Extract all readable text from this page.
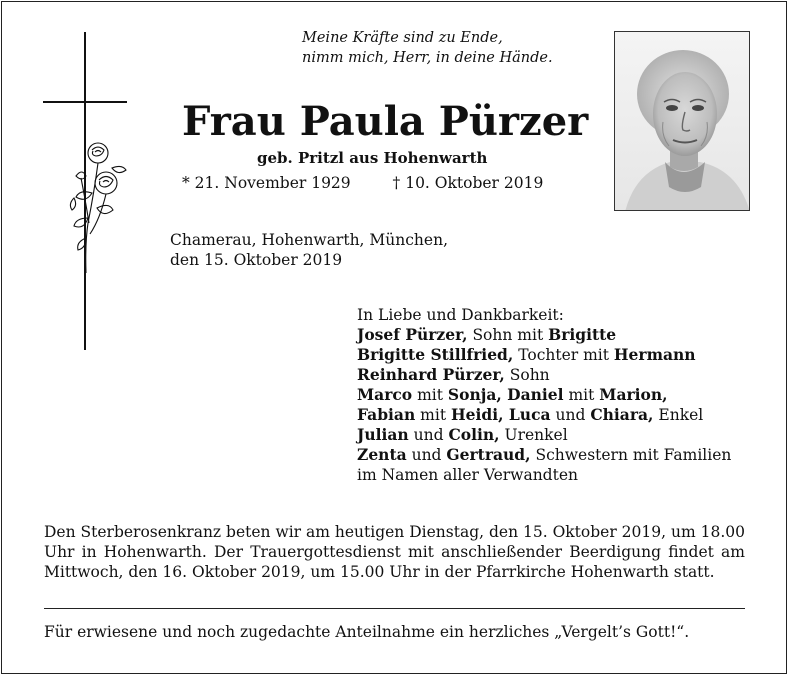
Meine Kräfte sind zu Ende,
nimm mich, Herr, in deine Hände.
Frau Paula Pürzer
geb. Pritzl aus Hohenwarth
* 21. November 1929	† 10. Oktober 2019
Chamerau, Hohenwarth, München,
den 15. Oktober 2019
In Liebe und Dankbarkeit:
Josef Pürzer, Sohn mit Brigitte
Brigitte Stillfried, Tochter mit Hermann
Reinhard Pürzer, Sohn
Marco mit Sonja, Daniel mit Marion,
Fabian mit Heidi, Luca und Chiara, Enkel
Julian und Colin, Urenkel
Zenta und Gertraud, Schwestern mit Familien
im Namen aller Verwandten
Den Sterberosenkranz beten wir am heutigen Dienstag, den 15. Oktober 2019, um 18.00 Uhr in Hohenwarth. Der Trauergottesdienst mit anschließender Beerdigung findet am Mittwoch, den 16. Oktober 2019, um 15.00 Uhr in der Pfarrkirche Hohenwarth statt.
Für erwiesene und noch zugedachte Anteilnahme ein herzliches „Vergelt’s Gott!“.
